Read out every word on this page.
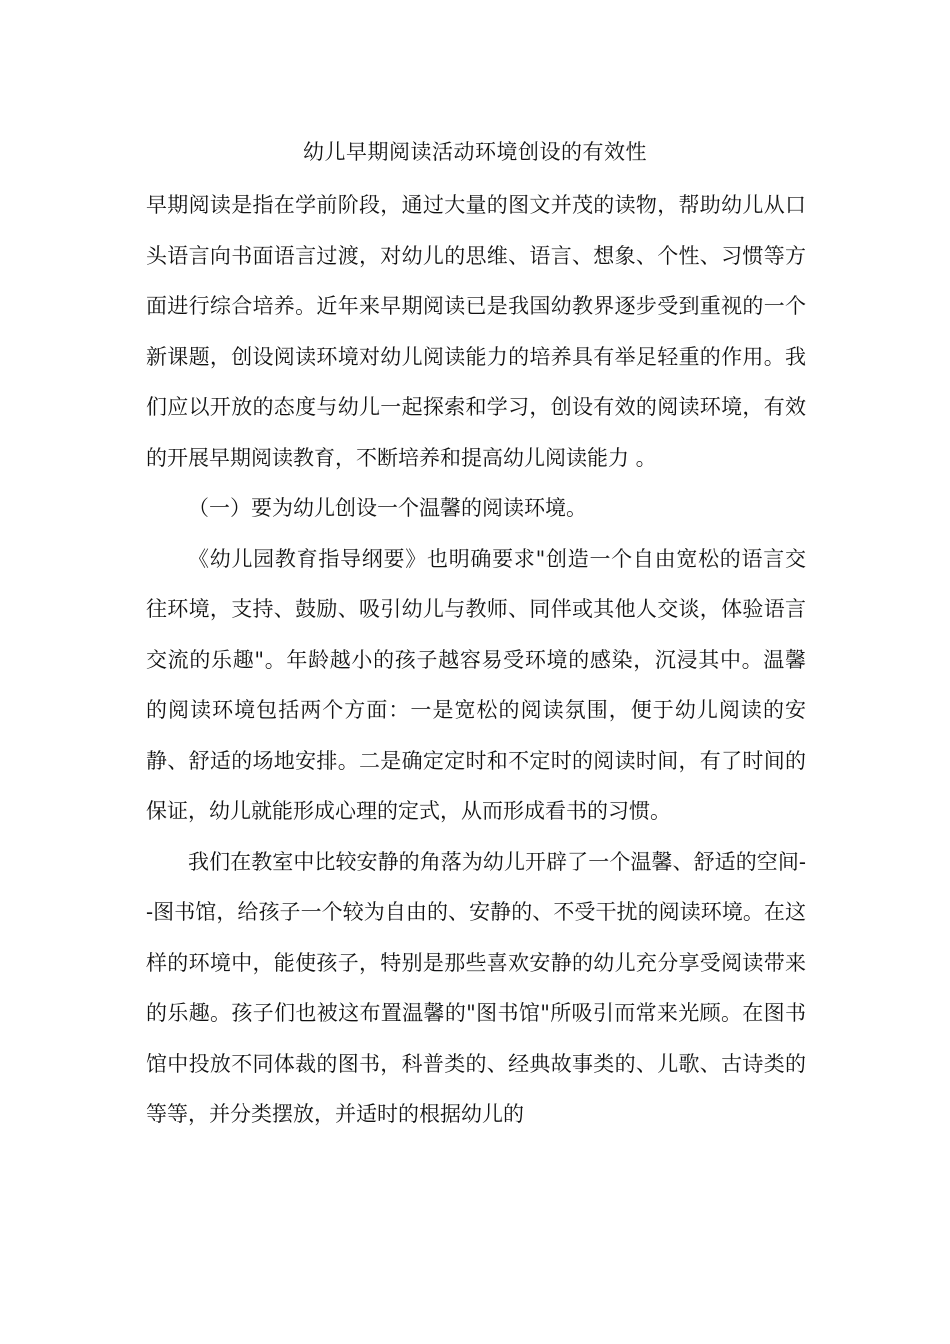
幼儿早期阅读活动环境创设的有效性

早期阅读是指在学前阶段，通过大量的图文并茂的读物，帮助幼儿从口头语言向书面语言过渡，对幼儿的思维、语言、想象、个性、习惯等方面进行综合培养。近年来早期阅读已是我国幼教界逐步受到重视的一个新课题，创设阅读环境对幼儿阅读能力的培养具有举足轻重的作用。我们应以开放的态度与幼儿一起探索和学习，创设有效的阅读环境，有效的开展早期阅读教育，不断培养和提高幼儿阅读能力 。

（一）要为幼儿创设一个温馨的阅读环境。

《幼儿园教育指导纲要》也明确要求"创造一个自由宽松的语言交往环境，支持、鼓励、吸引幼儿与教师、同伴或其他人交谈，体验语言交流的乐趣"。年龄越小的孩子越容易受环境的感染，沉浸其中。温馨的阅读环境包括两个方面：一是宽松的阅读氛围，便于幼儿阅读的安静、舒适的场地安排。二是确定定时和不定时的阅读时间，有了时间的保证，幼儿就能形成心理的定式，从而形成看书的习惯。

我们在教室中比较安静的角落为幼儿开辟了一个温馨、舒适的空间--图书馆，给孩子一个较为自由的、安静的、不受干扰的阅读环境。在这样的环境中，能使孩子，特别是那些喜欢安静的幼儿充分享受阅读带来的乐趣。孩子们也被这布置温馨的"图书馆"所吸引而常来光顾。在图书馆中投放不同体裁的图书，科普类的、经典故事类的、儿歌、古诗类的等等，并分类摆放，并适时的根据幼儿的
